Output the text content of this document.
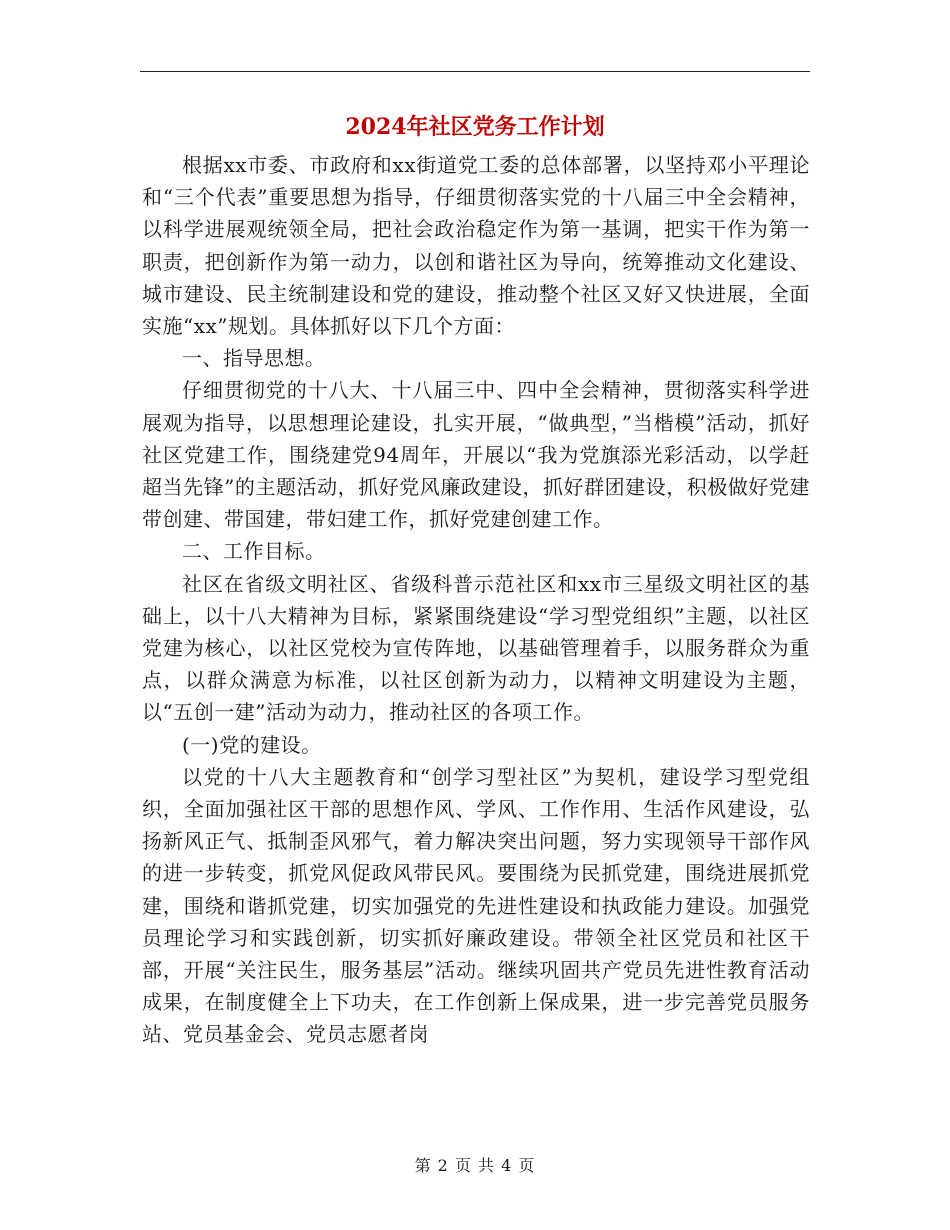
2024年社区党务工作计划

根据xx市委、市政府和xx街道党工委的总体部署，以坚持邓小平理论和“三个代表”重要思想为指导，仔细贯彻落实党的十八届三中全会精神，以科学进展观统领全局，把社会政治稳定作为第一基调，把实干作为第一职责，把创新作为第一动力，以创和谐社区为导向，统筹推动文化建设、城市建设、民主统制建设和党的建设，推动整个社区又好又快进展，全面实施“xx”规划。具体抓好以下几个方面：

一、指导思想。

仔细贯彻党的十八大、十八届三中、四中全会精神，贯彻落实科学进展观为指导，以思想理论建设，扎实开展，“做典型，”当楷模”活动，抓好社区党建工作，围绕建党94周年，开展以“我为党旗添光彩活动，以学赶超当先锋”的主题活动，抓好党风廉政建设，抓好群团建设，积极做好党建带创建、带国建，带妇建工作，抓好党建创建工作。

二、工作目标。

社区在省级文明社区、省级科普示范社区和xx市三星级文明社区的基础上，以十八大精神为目标，紧紧围绕建设“学习型党组织”主题，以社区党建为核心，以社区党校为宣传阵地，以基础管理着手，以服务群众为重点，以群众满意为标准，以社区创新为动力，以精神文明建设为主题，以“五创一建”活动为动力，推动社区的各项工作。

(一)党的建设。

以党的十八大主题教育和“创学习型社区”为契机，建设学习型党组织，全面加强社区干部的思想作风、学风、工作作用、生活作风建设，弘扬新风正气、抵制歪风邪气，着力解决突出问题，努力实现领导干部作风的进一步转变，抓党风促政风带民风。要围绕为民抓党建，围绕进展抓党建，围绕和谐抓党建，切实加强党的先进性建设和执政能力建设。加强党员理论学习和实践创新，切实抓好廉政建设。带领全社区党员和社区干部，开展“关注民生，服务基层”活动。继续巩固共产党员先进性教育活动成果，在制度健全上下功夫，在工作创新上保成果，进一步完善党员服务站、党员基金会、党员志愿者岗

第 2 页 共 4 页
